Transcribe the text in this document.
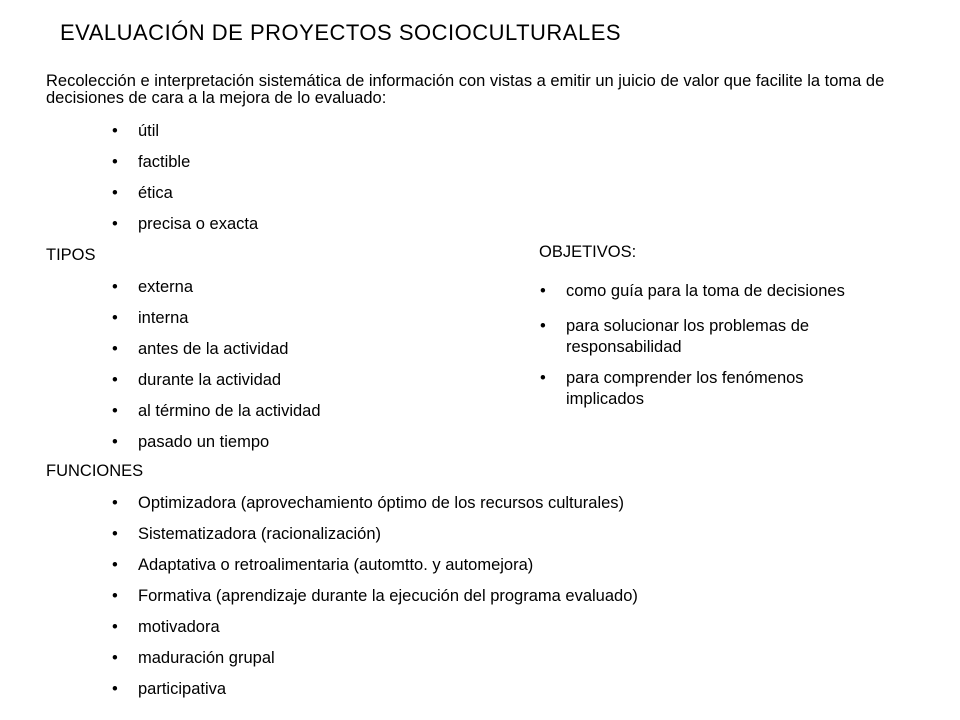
EVALUACIÓN DE PROYECTOS SOCIOCULTURALES

Recolección e interpretación sistemática de información con vistas a emitir un juicio de valor que facilite la toma de decisiones de cara a la mejora de lo evaluado:

• útil
• factible
• ética
• precisa o exacta
TIPOS
• externa
• interna
• antes de la actividad
• durante la actividad
• al término de la actividad
• pasado un tiempo
OBJETIVOS:
• como guía para la toma de decisiones
• para solucionar los problemas de responsabilidad
• para comprender los fenómenos implicados
FUNCIONES
• Optimizadora (aprovechamiento óptimo de los recursos culturales)
• Sistematizadora (racionalización)
• Adaptativa o retroalimentaria (automtto. y automejora)
• Formativa (aprendizaje durante la ejecución del programa evaluado)
• motivadora
• maduración grupal
• participativa
